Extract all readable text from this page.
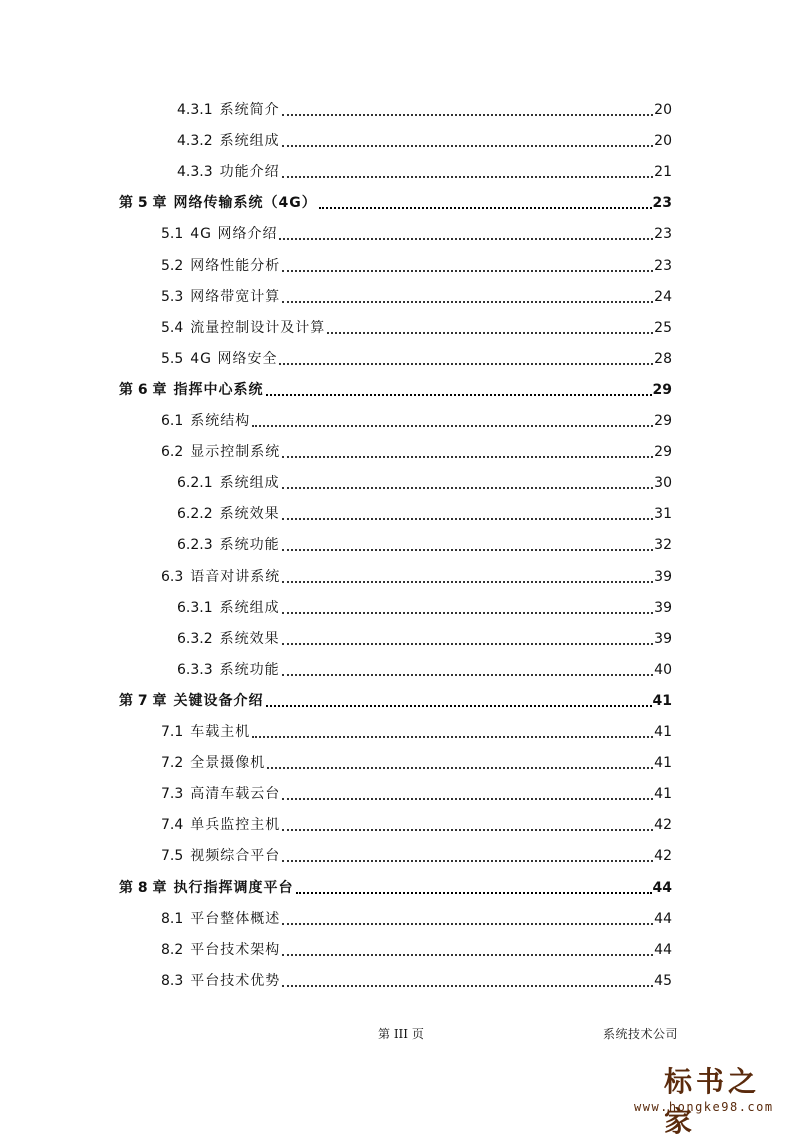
4.3.1 系统简介	20
4.3.2 系统组成	20
4.3.3 功能介绍	21
第 5 章 网络传输系统（4G）	23
5.1 4G 网络介绍	23
5.2 网络性能分析	23
5.3 网络带宽计算	24
5.4 流量控制设计及计算	25
5.5 4G 网络安全	28
第 6 章 指挥中心系统	29
6.1 系统结构	29
6.2 显示控制系统	29
6.2.1 系统组成	30
6.2.2 系统效果	31
6.2.3 系统功能	32
6.3 语音对讲系统	39
6.3.1 系统组成	39
6.3.2 系统效果	39
6.3.3 系统功能	40
第 7 章 关键设备介绍	41
7.1 车载主机	41
7.2 全景摄像机	41
7.3 高清车载云台	41
7.4 单兵监控主机	42
7.5 视频综合平台	42
第 8 章 执行指挥调度平台	44
8.1 平台整体概述	44
8.2 平台技术架构	44
8.3 平台技术优势	45
第 III 页	系统技术公司
标书之家
www.hongke98.com
